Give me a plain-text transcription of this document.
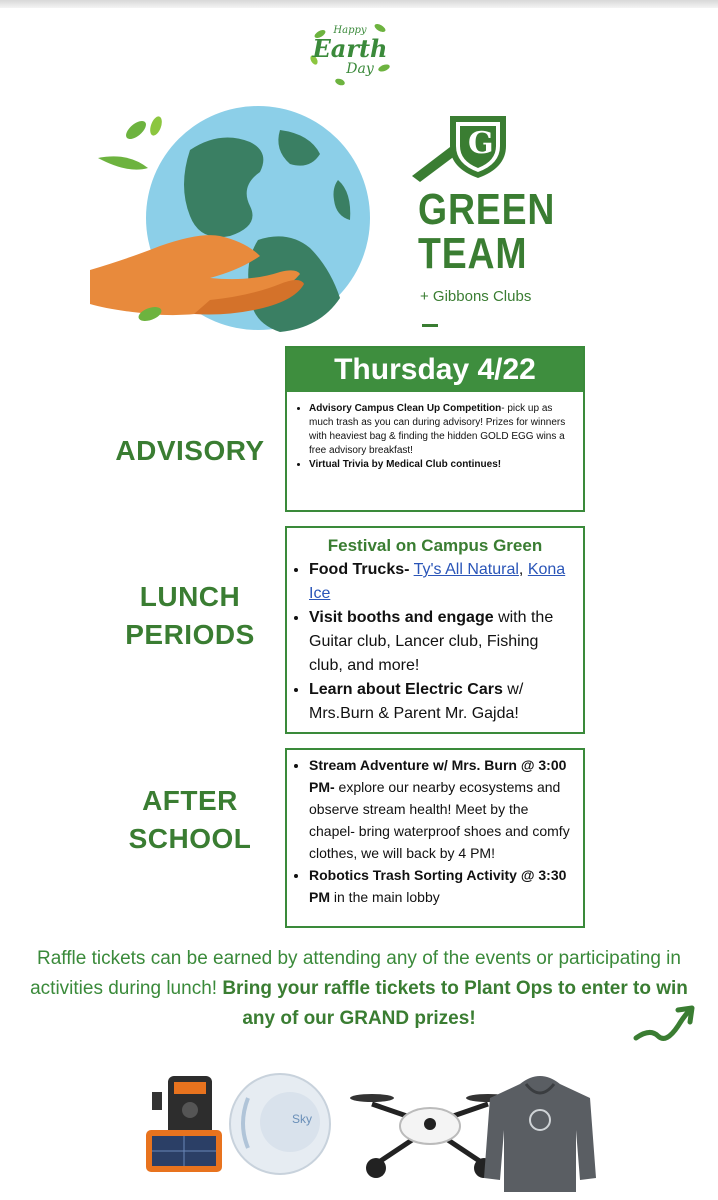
Happy
Earth
Day
G
GREEN
TEAM
+ Gibbons Clubs
ADVISORY
Thursday 4/22
• Advisory Campus Clean Up Competition- pick up as much trash as you can during advisory! Prizes for winners with heaviest bag & finding the hidden GOLD EGG wins a free advisory breakfast!
• Virtual Trivia by Medical Club continues!
LUNCH
PERIODS
Festival on Campus Green
• Food Trucks- Ty's All Natural, Kona Ice
• Visit booths and engage with the Guitar club, Lancer club, Fishing club, and more!
• Learn about Electric Cars w/ Mrs.Burn & Parent Mr. Gajda!
AFTER
SCHOOL
• Stream Adventure w/ Mrs. Burn @ 3:00 PM- explore our nearby ecosystems and observe stream health! Meet by the chapel- bring waterproof shoes and comfy clothes, we will back by 4 PM!
• Robotics Trash Sorting Activity @ 3:30 PM in the main lobby
Raffle tickets can be earned by attending any of the events or participating in activities during lunch! Bring your raffle tickets to Plant Ops to enter to win any of our GRAND prizes!
Sky
